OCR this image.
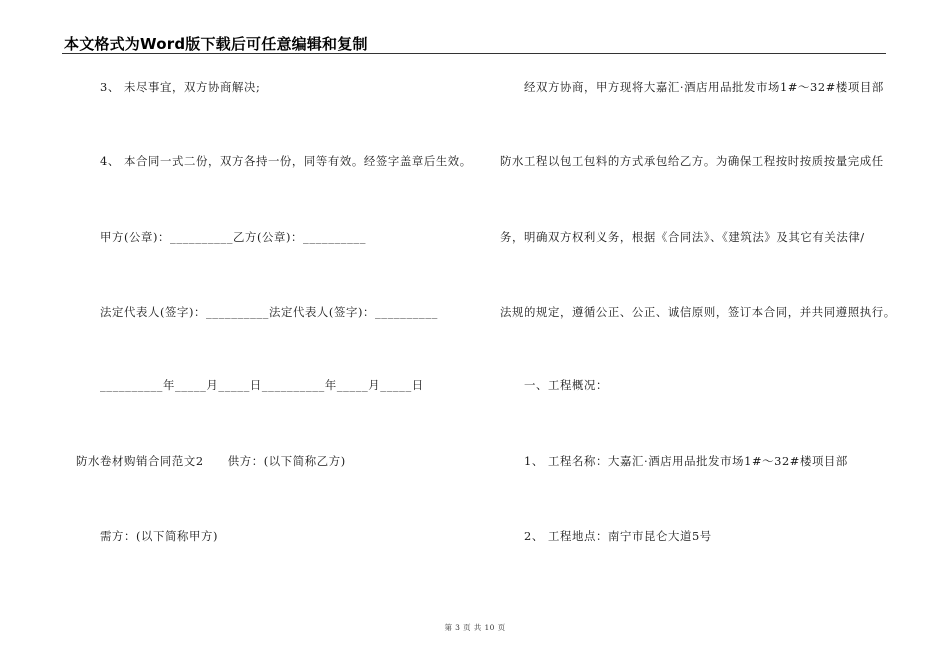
本文格式为Word版下载后可任意编辑和复制
3、 未尽事宜，双方协商解决;
4、 本合同一式二份，双方各持一份，同等有效。经签字盖章后生效。
甲方(公章)：__________乙方(公章)：__________
法定代表人(签字)：__________法定代表人(签字)：__________
__________年_____月_____日__________年_____月_____日
防水卷材购销合同范文2　　供方：(以下简称乙方)
需方：(以下简称甲方)
经双方协商，甲方现将大嘉汇·酒店用品批发市场1#～32#楼项目部
防水工程以包工包料的方式承包给乙方。为确保工程按时按质按量完成任
务，明确双方权利义务，根据《合同法》、《建筑法》及其它有关法律/
法规的规定，遵循公正、公正、诚信原则，签订本合同，并共同遵照执行。
一、工程概况：
1、 工程名称：大嘉汇·酒店用品批发市场1#～32#楼项目部
2、 工程地点：南宁市昆仑大道5号
第 3 页 共 10 页
